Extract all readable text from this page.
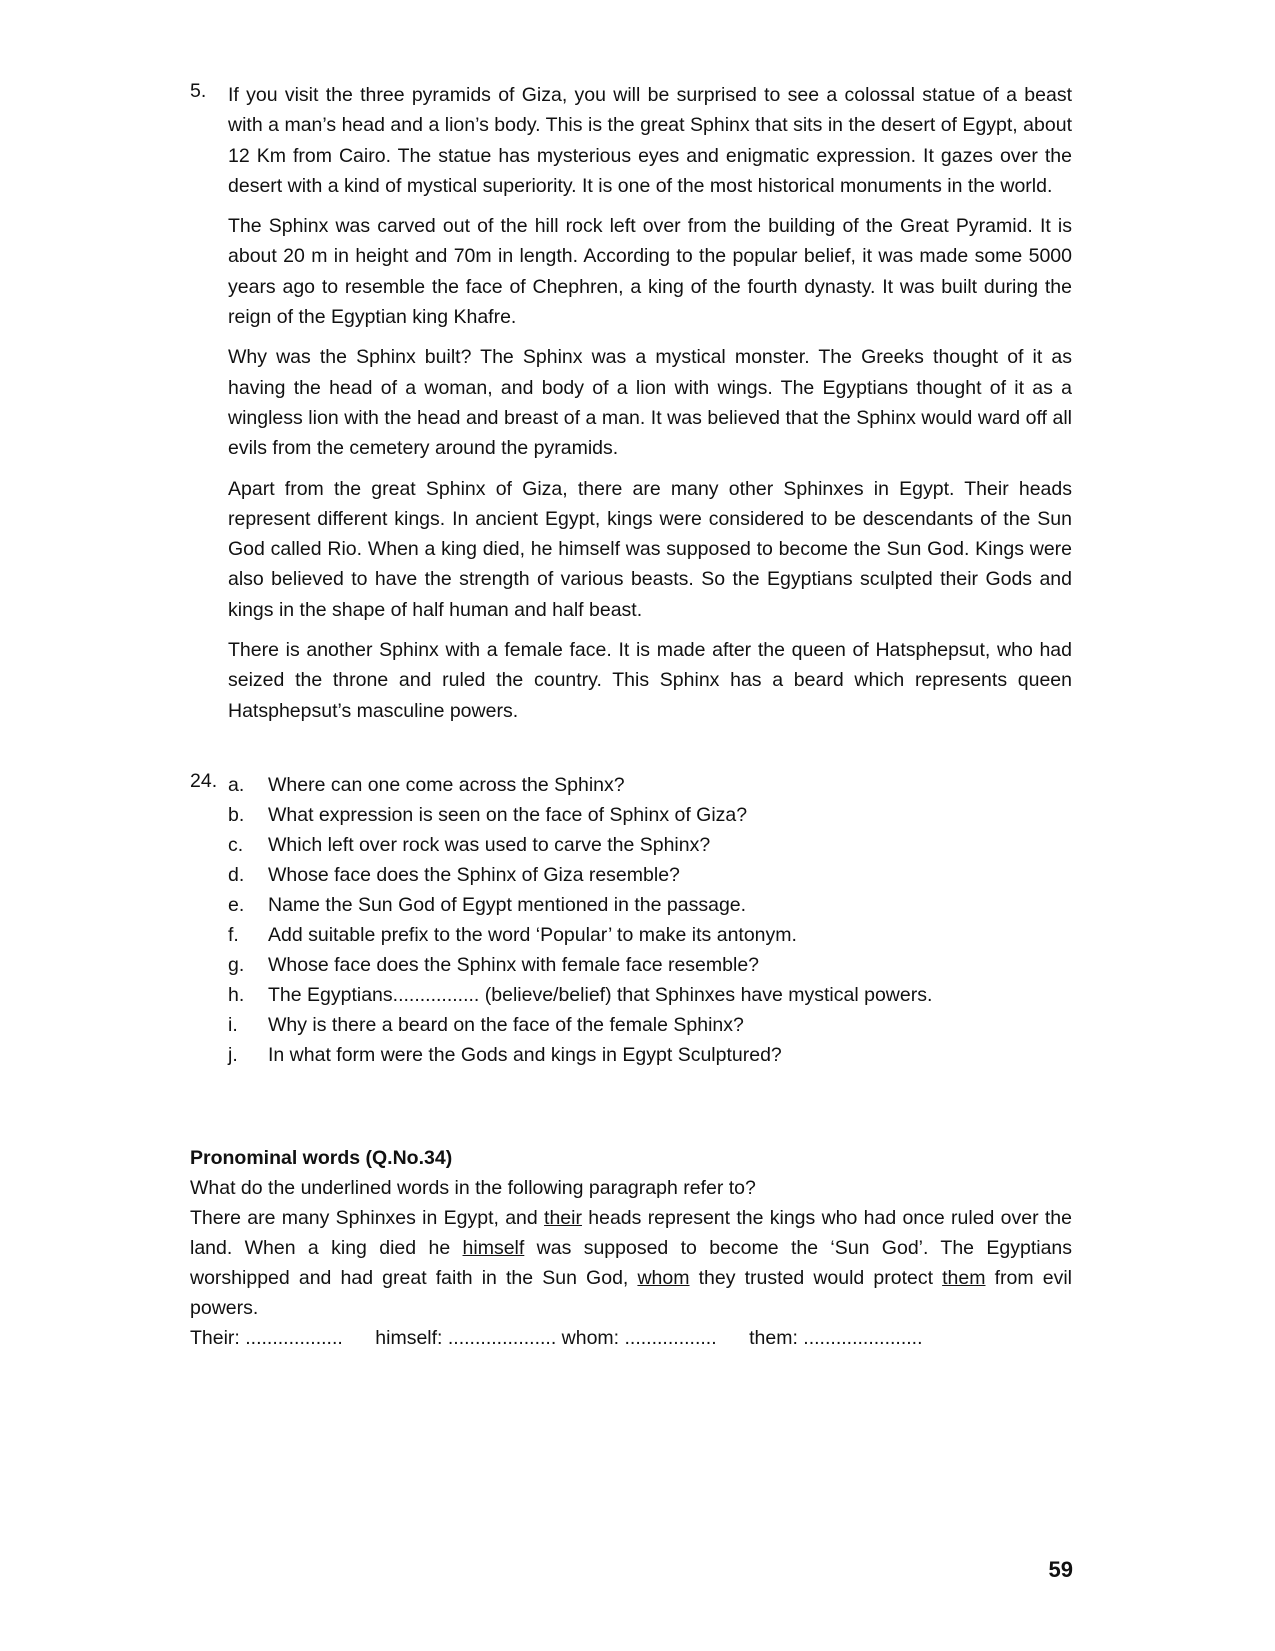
5.	If you visit the three pyramids of Giza, you will be surprised to see a colossal statue of a beast with a man’s head and a lion’s body. This is the great Sphinx that sits in the desert of Egypt, about 12 Km from Cairo. The statue has mysterious eyes and enigmatic expression. It gazes over the desert with a kind of mystical superiority. It is one of the most historical monuments in the world.

The Sphinx was carved out of the hill rock left over from the building of the Great Pyramid. It is about 20 m in height and 70m in length. According to the popular belief, it was made some 5000 years ago to resemble the face of Chephren, a king of the fourth dynasty. It was built during the reign of the Egyptian king Khafre.

Why was the Sphinx built? The Sphinx was a mystical monster. The Greeks thought of it as having the head of a woman, and body of a lion with wings. The Egyptians thought of it as a wingless lion with the head and breast of a man. It was believed that the Sphinx would ward off all evils from the cemetery around the pyramids.

Apart from the great Sphinx of Giza, there are many other Sphinxes in Egypt. Their heads represent different kings. In ancient Egypt, kings were considered to be descendants of the Sun God called Rio. When a king died, he himself was supposed to become the Sun God. Kings were also believed to have the strength of various beasts. So the Egyptians sculpted their Gods and kings in the shape of half human and half beast.

There is another Sphinx with a female face. It is made after the queen of Hatsphepsut, who had seized the throne and ruled the country. This Sphinx has a beard which represents queen Hatsphepsut’s masculine powers.

24. a.	Where can one come across the Sphinx?
b.	What expression is seen on the face of Sphinx of Giza?
c.	Which left over rock was used to carve the Sphinx?
d.	Whose face does the Sphinx of Giza resemble?
e.	Name the Sun God of Egypt mentioned in the passage.
f.	Add suitable prefix to the word ‘Popular’ to make its antonym.
g.	Whose face does the Sphinx with female face resemble?
h.	The Egyptians................ (believe/belief) that Sphinxes have mystical powers.
i.	Why is there a beard on the face of the female Sphinx?
j.	In what form were the Gods and kings in Egypt Sculptured?

Pronominal words (Q.No.34)

What do the underlined words in the following paragraph refer to?

There are many Sphinxes in Egypt, and their heads represent the kings who had once ruled over the land. When a king died he himself was supposed to become the ‘Sun God’. The Egyptians worshipped and had great faith in the Sun God, whom they trusted would protect them from evil powers.

Their: ..................      himself: .................... whom: .................      them: ......................

59
